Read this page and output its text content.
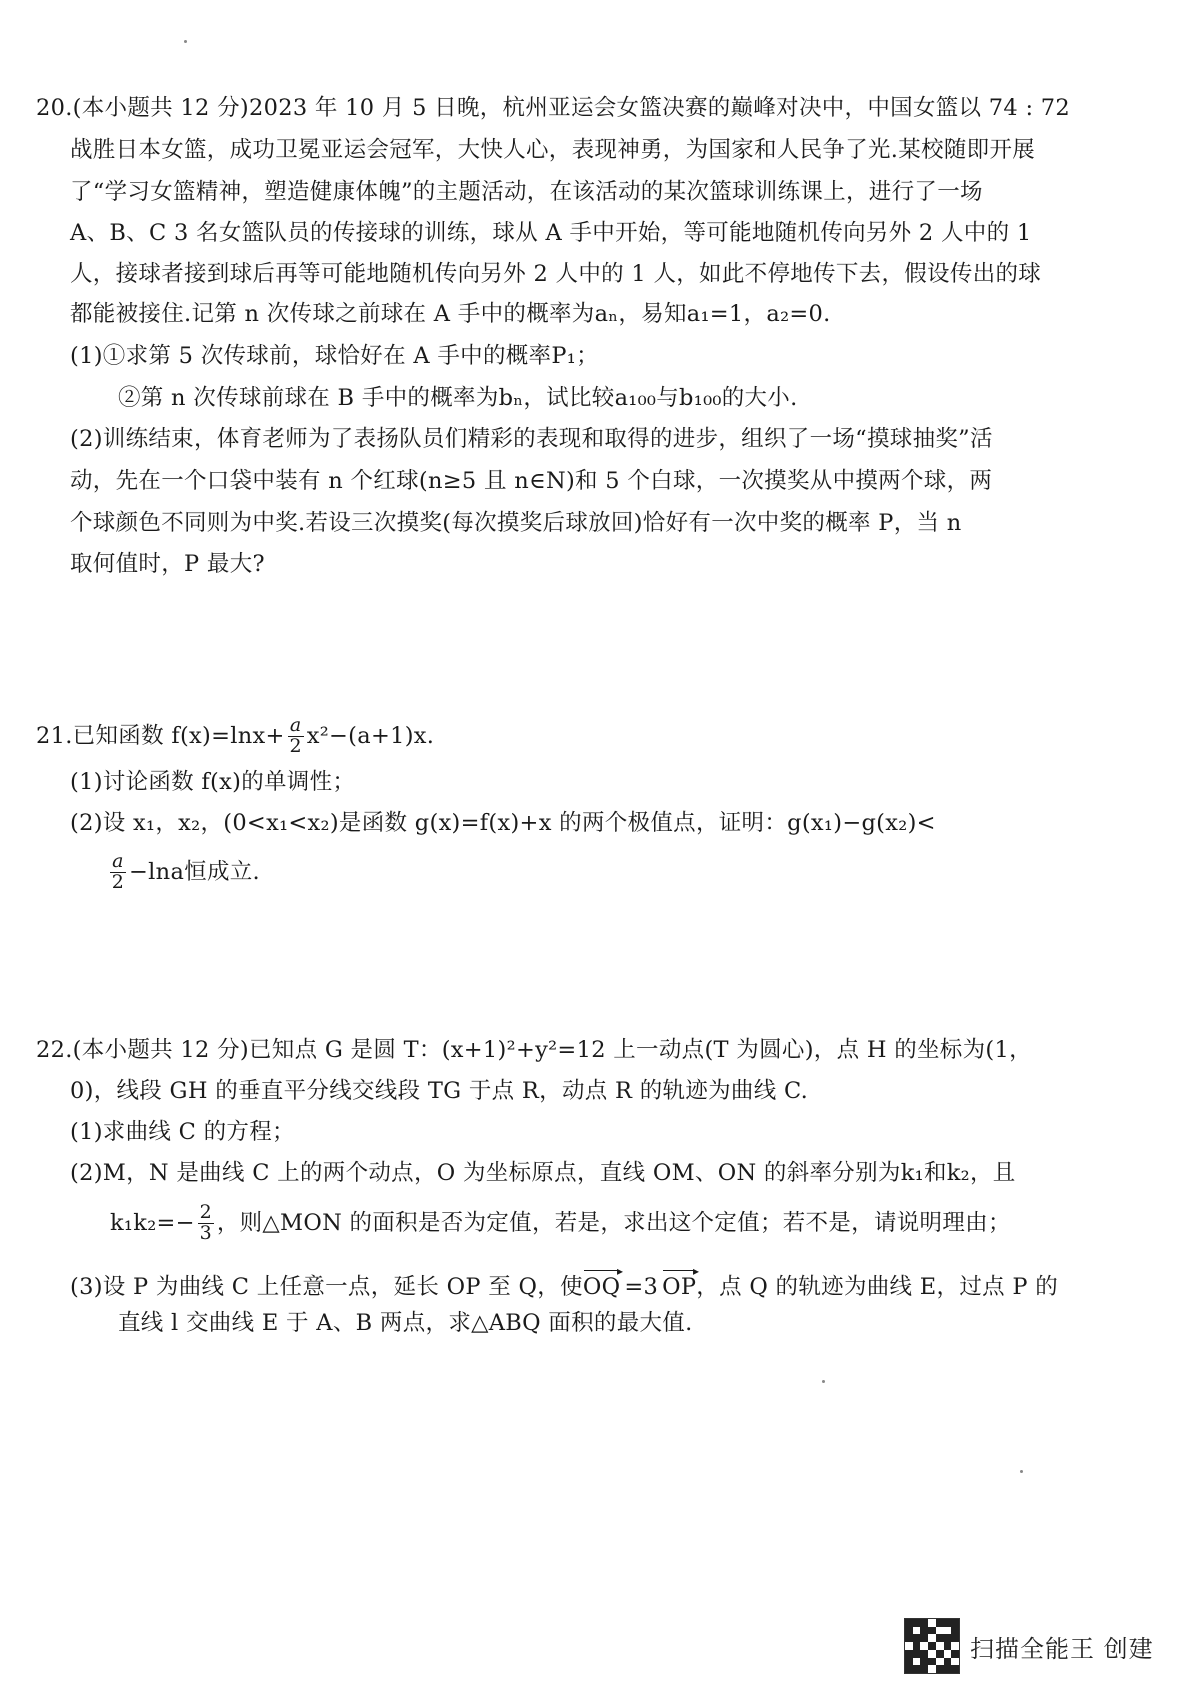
20.(本小题共 12 分)2023 年 10 月 5 日晚，杭州亚运会女篮决赛的巅峰对决中，中国女篮以 74 : 72
战胜日本女篮，成功卫冕亚运会冠军，大快人心，表现神勇，为国家和人民争了光.某校随即开展
了“学习女篮精神，塑造健康体魄”的主题活动，在该活动的某次篮球训练课上，进行了一场
A、B、C 3 名女篮队员的传接球的训练，球从 A 手中开始，等可能地随机传向另外 2 人中的 1
人，接球者接到球后再等可能地随机传向另外 2 人中的 1 人，如此不停地传下去，假设传出的球
都能被接住.记第 n 次传球之前球在 A 手中的概率为aₙ，易知a₁=1，a₂=0.
(1)①求第 5 次传球前，球恰好在 A 手中的概率P₁；
②第 n 次传球前球在 B 手中的概率为bₙ，试比较a₁₀₀与b₁₀₀的大小.
(2)训练结束，体育老师为了表扬队员们精彩的表现和取得的进步，组织了一场“摸球抽奖”活
动，先在一个口袋中装有 n 个红球(n≥5 且 n∈N)和 5 个白球，一次摸奖从中摸两个球，两
个球颜色不同则为中奖.若设三次摸奖(每次摸奖后球放回)恰好有一次中奖的概率 P，当 n
取何值时，P 最大?
21.已知函数 f(x)=lnx+ a
2 x²−(a+1)x.
(1)讨论函数 f(x)的单调性；
(2)设 x₁，x₂，(0<x₁<x₂)是函数 g(x)=f(x)+x 的两个极值点，证明：g(x₁)−g(x₂)<
a
2 −lna恒成立.
22.(本小题共 12 分)已知点 G 是圆 T：(x+1)²+y²=12 上一动点(T 为圆心)，点 H 的坐标为(1，
0)，线段 GH 的垂直平分线交线段 TG 于点 R，动点 R 的轨迹为曲线 C.
(1)求曲线 C 的方程；
(2)M，N 是曲线 C 上的两个动点，O 为坐标原点，直线 OM、ON 的斜率分别为k₁和k₂，且
k₁k₂=− 2
3 ，则△MON 的面积是否为定值，若是，求出这个定值；若不是，请说明理由；
(3)设 P 为曲线 C 上任意一点，延长 OP 至 Q，使
▸
OQ =3
▸
OP ，点 Q 的轨迹为曲线 E，过点 P 的
直线 l 交曲线 E 于 A、B 两点，求△ABQ 面积的最大值.
扫描全能王 创建
